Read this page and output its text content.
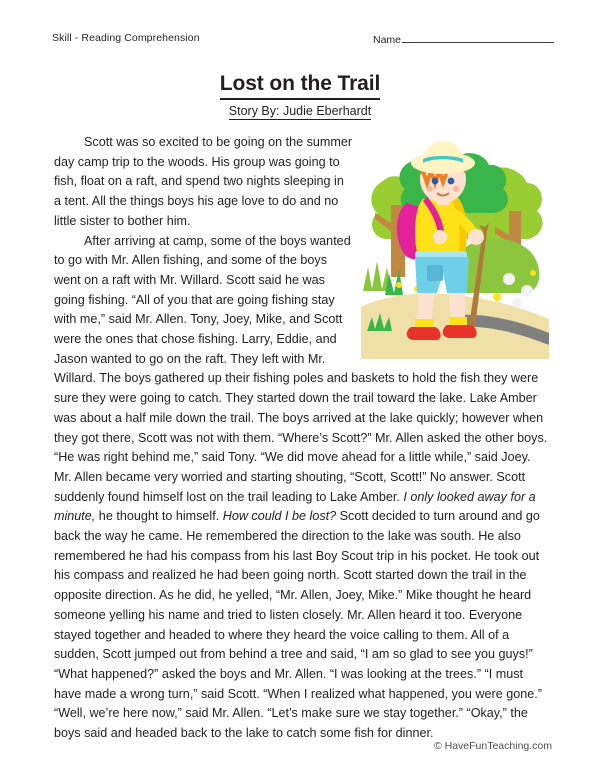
Skill - Reading Comprehension	Name
Lost on the Trail
Story By: Judie Eberhardt

Scott was so excited to be going on the summer day camp trip to the woods. His group was going to fish, float on a raft, and spend two nights sleeping in a tent. All the things boys his age love to do and no little sister to bother him.

After arriving at camp, some of the boys wanted to go with Mr. Allen fishing, and some of the boys went on a raft with Mr. Willard. Scott said he was going fishing. “All of you that are going fishing stay with me,” said Mr. Allen. Tony, Joey, Mike, and Scott were the ones that chose fishing. Larry, Eddie, and Jason wanted to go on the raft. They left with Mr. Willard. The boys gathered up their fishing poles and baskets to hold the fish they were sure they were going to catch. They started down the trail toward the lake. Lake Amber was about a half mile down the trail. The boys arrived at the lake quickly; however when they got there, Scott was not with them. “Where’s Scott?” Mr. Allen asked the other boys. “He was right behind me,” said Tony. “We did move ahead for a little while,” said Joey. Mr. Allen became very worried and starting shouting, “Scott, Scott!” No answer. Scott suddenly found himself lost on the trail leading to Lake Amber. I only looked away for a minute, he thought to himself. How could I be lost? Scott decided to turn around and go back the way he came. He remembered the direction to the lake was south. He also remembered he had his compass from his last Boy Scout trip in his pocket. He took out his compass and realized he had been going north. Scott started down the trail in the opposite direction. As he did, he yelled, “Mr. Allen, Joey, Mike.” Mike thought he heard someone yelling his name and tried to listen closely. Mr. Allen heard it too. Everyone stayed together and headed to where they heard the voice calling to them. All of a sudden, Scott jumped out from behind a tree and said, “I am so glad to see you guys!” “What happened?” asked the boys and Mr. Allen. “I was looking at the trees.” “I must have made a wrong turn,” said Scott. “When I realized what happened, you were gone.” “Well, we’re here now,” said Mr. Allen. “Let’s make sure we stay together.” “Okay,” the boys said and headed back to the lake to catch some fish for dinner.

© HaveFunTeaching.com
